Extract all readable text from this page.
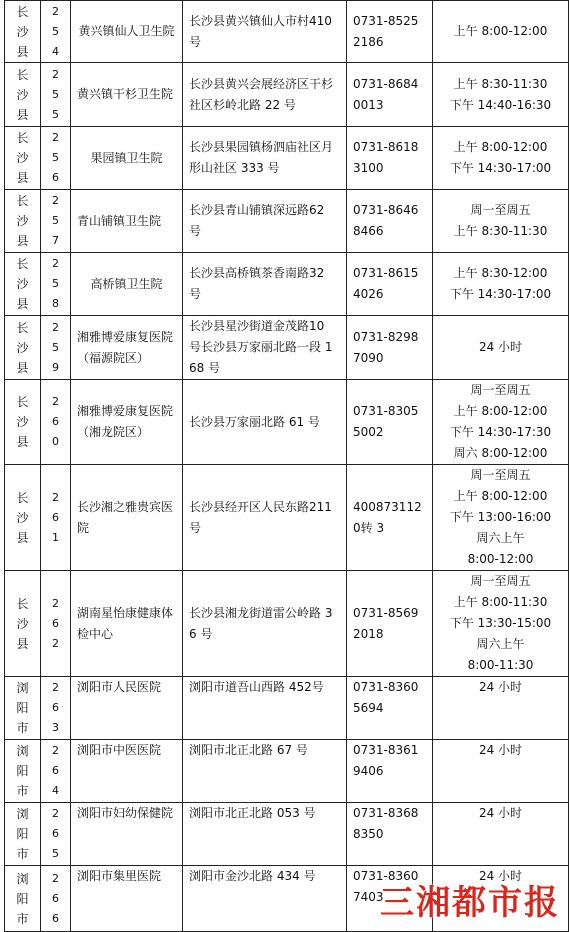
长
沙
县	2
5
4	黄兴镇仙人卫生院	长沙县黄兴镇仙人市村410号	0731-85252186	上午 8:00-12:00

长
沙
县	2
5
5	黄兴镇干杉卫生院	长沙县黄兴会展经济区干杉社区杉岭北路 22 号	0731-86840013	上午 8:30-11:30
下午 14:40-16:30

长
沙
县	2
5
6	果园镇卫生院	长沙县果园镇杨泗庙社区月形山社区 333 号	0731-86183100	上午 8:00-12:00
下午 14:30-17:00

长
沙
县	2
5
7	青山铺镇卫生院	长沙县青山铺镇深远路62 号	0731-86468466	周一至周五
上午 8:30-11:30

长
沙
县	2
5
8	高桥镇卫生院	长沙县高桥镇茶香南路32 号	0731-86154026	上午 8:30-12:00
下午 14:30-17:00

长
沙
县	2
5
9	湘雅博爱康复医院　　（福源院区）	长沙县星沙街道金茂路10 号长沙县万家丽北路一段 168 号	0731-82987090	24 小时

长
沙
县	2
6
0	湘雅博爱康复医院（湘龙院区）	长沙县万家丽北路 61 号	0731-83055002	周一至周五
上午 8:00-12:00
下午 14:30-17:30
周六 8:00-12:00

长
沙
县	2
6
1	长沙湘之雅贵宾医院	长沙县经开区人民东路211 号	4008731120转 3	周一至周五
上午 8:00-12:00
下午 13:00-16:00
周六上午
8:00-12:00

长
沙
县	2
6
2	湖南星怡康健康体检中心	长沙县湘龙街道雷公岭路 36 号	0731-85692018	周一至周五
上午 8:00-11:30
下午 13:30-15:00
周六上午
8:00-11:30

浏
阳
市	2
6
3	浏阳市人民医院	浏阳市道吾山西路 452号	0731-83605694	24 小时

浏
阳
市	2
6
4	浏阳市中医医院	浏阳市北正北路 67 号	0731-83619406	24 小时

浏
阳
市	2
6
5	浏阳市妇幼保健院	浏阳市北正北路 053 号	0731-83688350	24 小时

浏
阳
市	2
6
6	浏阳市集里医院	浏阳市金沙北路 434 号	0731-83607403	24 小时
三湘都市报
